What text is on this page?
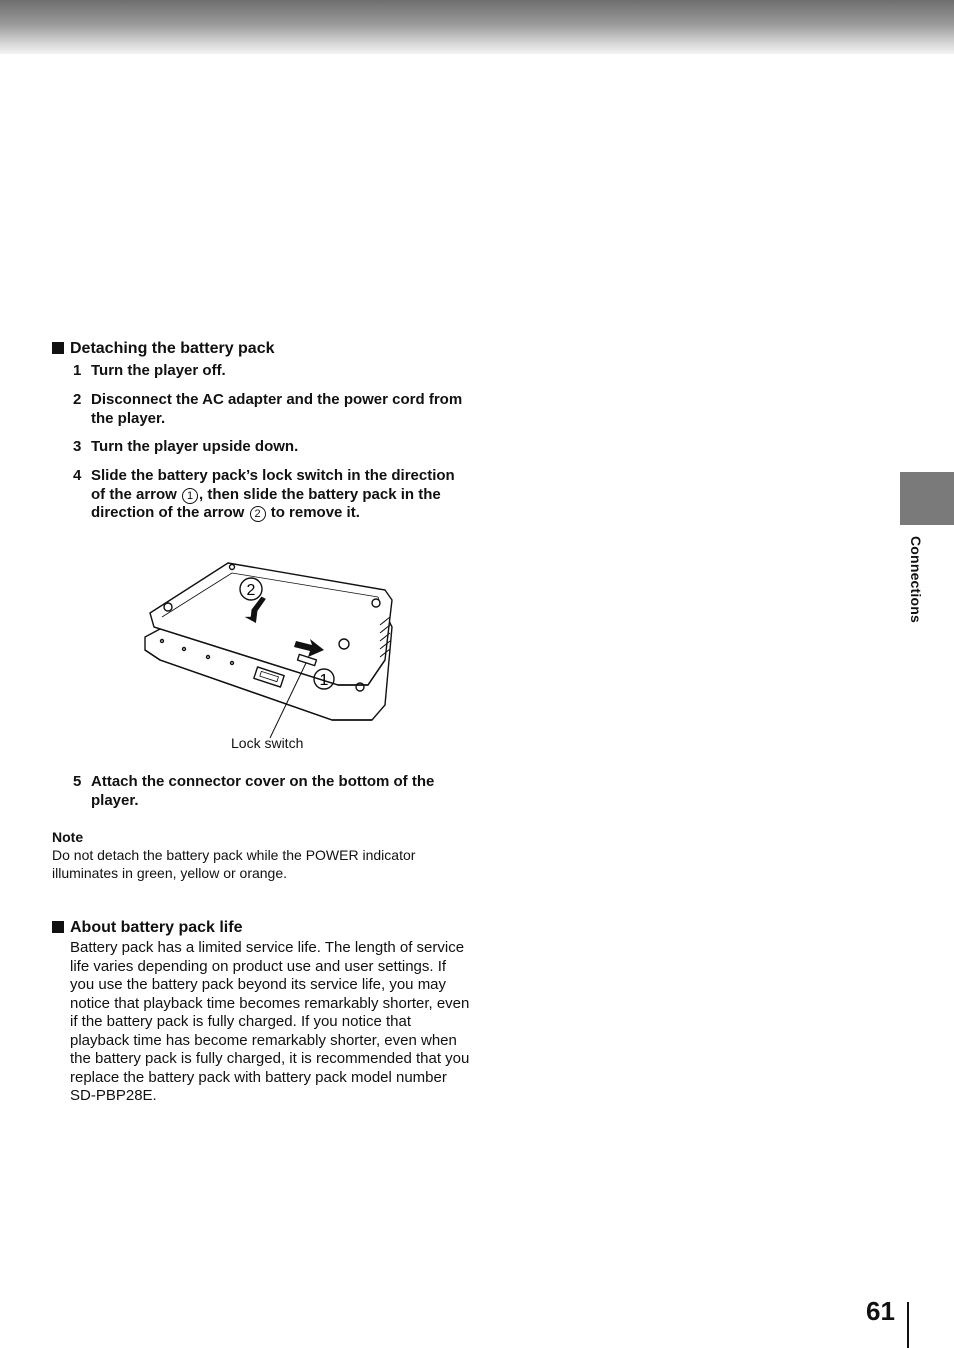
Connections
Detaching the battery pack
1 Turn the player off.
2 Disconnect the AC adapter and the power cord from the player.
3 Turn the player upside down.
4 Slide the battery pack’s lock switch in the direction of the arrow 1 , then slide the battery pack in the direction of the arrow 2 to remove it.
2
1
Lock switch
5 Attach the connector cover on the bottom of the player.
Note
Do not detach the battery pack while the POWER indicator illuminates in green, yellow or orange.
About battery pack life
Battery pack has a limited service life. The length of service life varies depending on product use and user settings. If you use the battery pack beyond its service life, you may notice that playback time becomes remarkably shorter, even if the battery pack is fully charged. If you notice that playback time has become remarkably shorter, even when the battery pack is fully charged, it is recommended that you replace the battery pack with battery pack model number SD-PBP28E.
61
